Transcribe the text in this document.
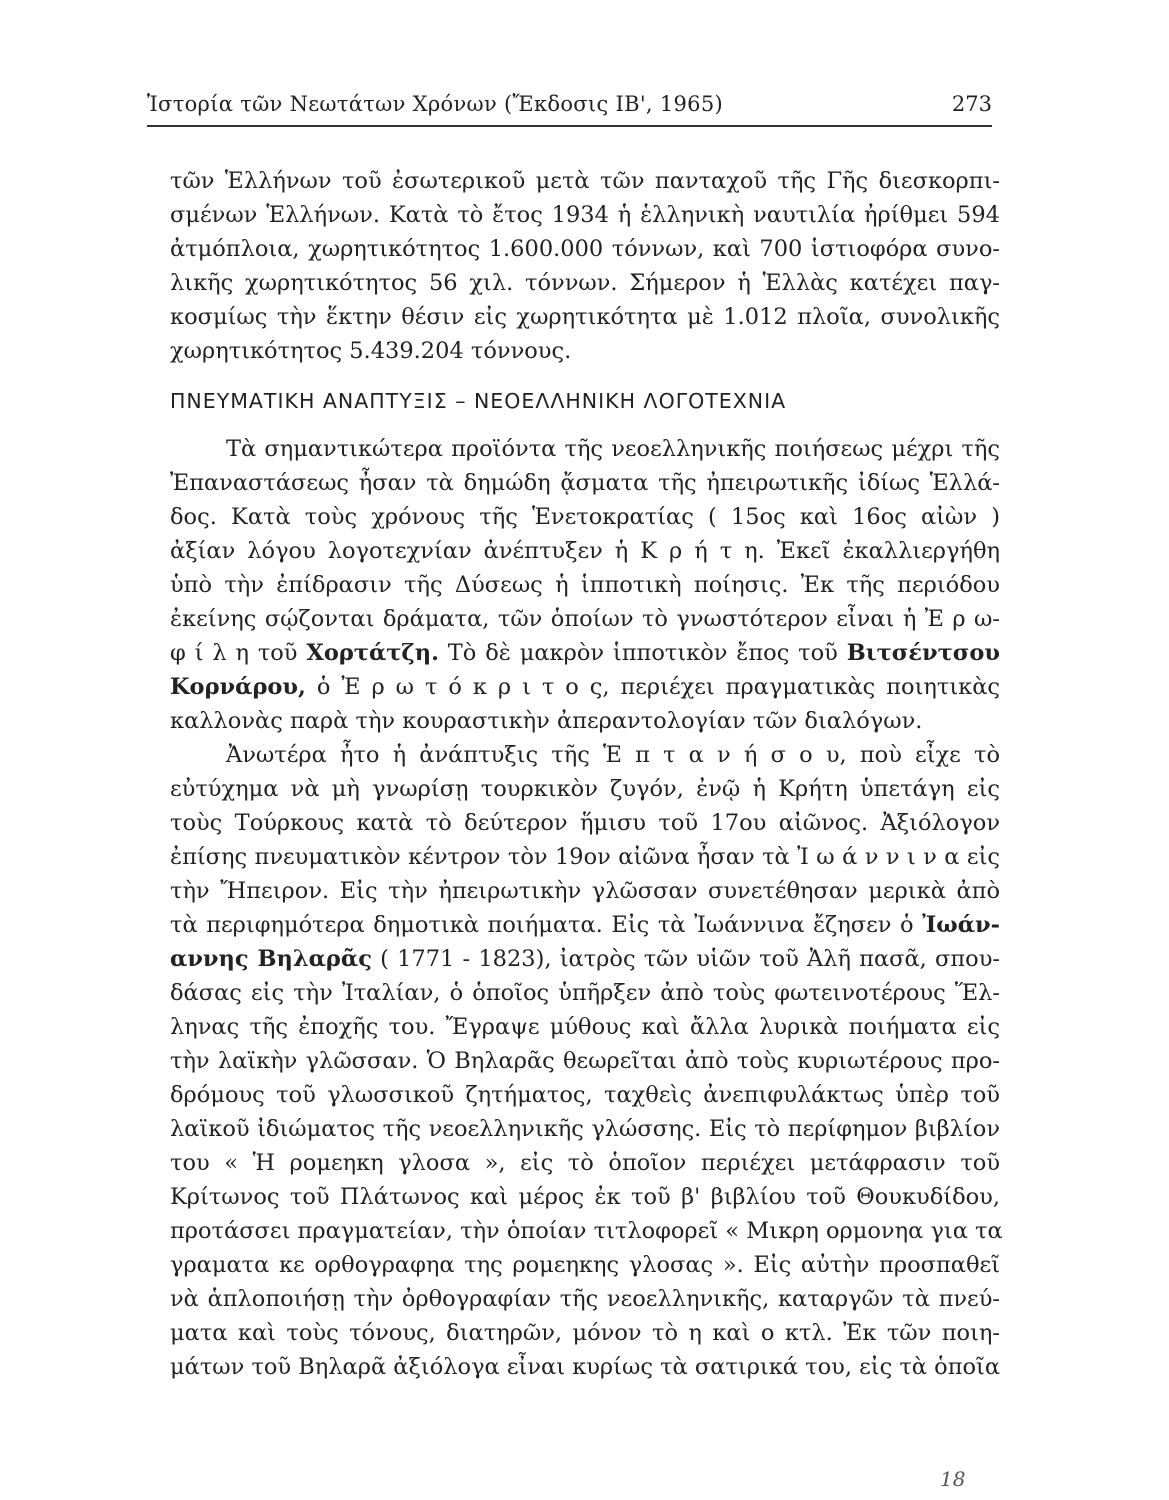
Ἱστορία τῶν Νεωτάτων Χρόνων (Ἔκδοσις ΙΒ', 1965)	273
τῶν Ἑλλήνων τοῦ ἐσωτερικοῦ μετὰ τῶν πανταχοῦ τῆς Γῆς διεσκορπι-
σμένων Ἑλλήνων. Κατὰ τὸ ἔτος 1934 ἡ ἑλληνικὴ ναυτιλία ἠρίθμει 594
ἀτμόπλοια, χωρητικότητος 1.600.000 τόννων, καὶ 700 ἱστιοφόρα συνο-
λικῆς χωρητικότητος 56 χιλ. τόννων. Σήμερον ἡ Ἑλλὰς κατέχει παγ-
κοσμίως τὴν ἕκτην θέσιν εἰς χωρητικότητα μὲ 1.012 πλοῖα, συνολικῆς
χωρητικότητος 5.439.204 τόννους.
ΠΝΕΥΜΑΤΙΚΗ ΑΝΑΠΤΥΞΙΣ – ΝΕΟΕΛΛΗΝΙΚΗ ΛΟΓΟΤΕΧΝΙΑ
Τὰ σημαντικώτερα προϊόντα τῆς νεοελληνικῆς ποιήσεως μέχρι τῆς
Ἐπαναστάσεως ἦσαν τὰ δημώδη ᾄσματα τῆς ἠπειρωτικῆς ἰδίως Ἑλλά-
δος. Κατὰ τοὺς χρόνους τῆς Ἑνετοκρατίας ( 15ος καὶ 16ος αἰὼν )
ἀξίαν λόγου λογοτεχνίαν ἀνέπτυξεν ἡ Κ ρ ή τ η. Ἐκεῖ ἐκαλλιεργήθη
ὑπὸ τὴν ἐπίδρασιν τῆς Δύσεως ἡ ἱπποτικὴ ποίησις. Ἐκ τῆς περιόδου
ἐκείνης σῴζονται δράματα, τῶν ὁποίων τὸ γνωστότερον εἶναι ἡ Ἐ ρ ω-
φ ί λ η τοῦ Χορτάτζη. Τὸ δὲ μακρὸν ἱπποτικὸν ἔπος τοῦ Βιτσέντσου
Κορνάρου, ὁ Ἐ ρ ω τ ό κ ρ ι τ ο ς, περιέχει πραγματικὰς ποιητικὰς
καλλονὰς παρὰ τὴν κουραστικὴν ἀπεραντολογίαν τῶν διαλόγων.
Ἀνωτέρα ἦτο ἡ ἀνάπτυξις τῆς Ἑ π τ α ν ή σ ο υ, ποὺ εἶχε τὸ
εὐτύχημα νὰ μὴ γνωρίσῃ τουρκικὸν ζυγόν, ἐνῷ ἡ Κρήτη ὑπετάγη εἰς
τοὺς Τούρκους κατὰ τὸ δεύτερον ἥμισυ τοῦ 17ου αἰῶνος. Ἀξιόλογον
ἐπίσης πνευματικὸν κέντρον τὸν 19ον αἰῶνα ἦσαν τὰ Ἰ ω ά ν ν ι ν α εἰς
τὴν Ἤπειρον. Εἰς τὴν ἠπειρωτικὴν γλῶσσαν συνετέθησαν μερικὰ ἀπὸ
τὰ περιφημότερα δημοτικὰ ποιήματα. Εἰς τὰ Ἰωάννινα ἔζησεν ὁ Ἰωάν-
αννης Βηλαρᾶς ( 1771 - 1823), ἰατρὸς τῶν υἱῶν τοῦ Ἀλῆ πασᾶ, σπου-
δάσας εἰς τὴν Ἰταλίαν, ὁ ὁποῖος ὑπῆρξεν ἀπὸ τοὺς φωτεινοτέρους Ἕλ-
ληνας τῆς ἐποχῆς του. Ἔγραψε μύθους καὶ ἄλλα λυρικὰ ποιήματα εἰς
τὴν λαϊκὴν γλῶσσαν. Ὁ Βηλαρᾶς θεωρεῖται ἀπὸ τοὺς κυριωτέρους προ-
δρόμους τοῦ γλωσσικοῦ ζητήματος, ταχθεὶς ἀνεπιφυλάκτως ὑπὲρ τοῦ
λαϊκοῦ ἰδιώματος τῆς νεοελληνικῆς γλώσσης. Εἰς τὸ περίφημον βιβλίον
του « Ἡ ρομεηκη γλοσα », εἰς τὸ ὁποῖον περιέχει μετάφρασιν τοῦ
Κρίτωνος τοῦ Πλάτωνος καὶ μέρος ἐκ τοῦ β' βιβλίου τοῦ Θουκυδίδου,
προτάσσει πραγματείαν, τὴν ὁποίαν τιτλοφορεῖ « Μικρη ορμονηα για τα
γραματα κε ορθογραφηα της ρομεηκης γλοσας ». Εἰς αὐτὴν προσπαθεῖ
νὰ ἁπλοποιήσῃ τὴν ὀρθογραφίαν τῆς νεοελληνικῆς, καταργῶν τὰ πνεύ-
ματα καὶ τοὺς τόνους, διατηρῶν, μόνον τὸ η καὶ ο κτλ. Ἐκ τῶν ποιη-
μάτων τοῦ Βηλαρᾶ ἀξιόλογα εἶναι κυρίως τὰ σατιρικά του, εἰς τὰ ὁποῖα
18
